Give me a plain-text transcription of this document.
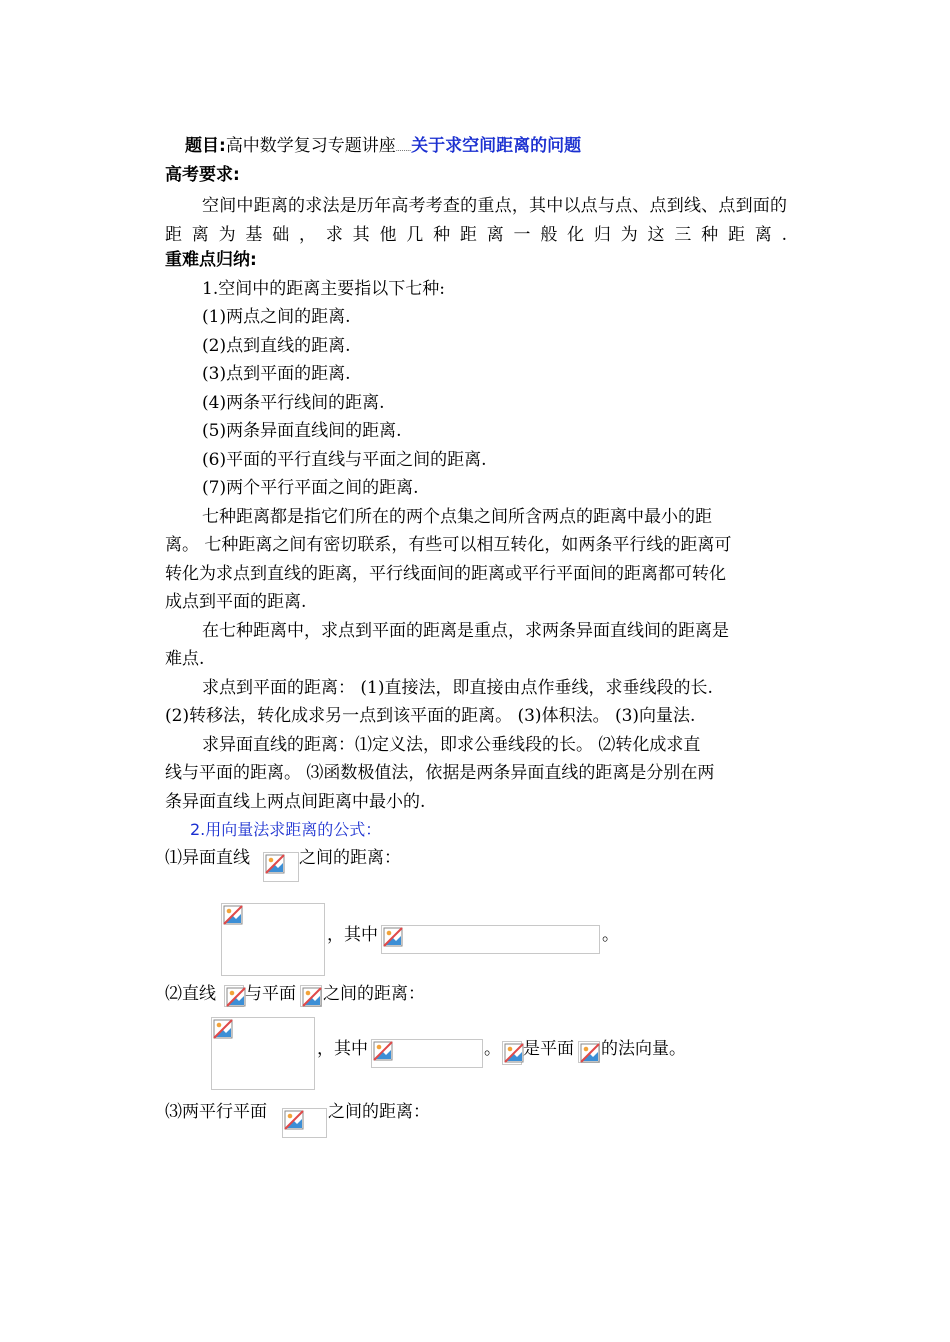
题目:高中数学复习专题讲座........关于求空间距离的问题
高考要求:
空间中距离的求法是历年高考考查的重点，其中以点与点、点到线、点到面的距离为基础，求其他几种距离一般化归为这三种距离.
重难点归纳:
1.空间中的距离主要指以下七种:
(1)两点之间的距离.
(2)点到直线的距离.
(3)点到平面的距离.
(4)两条平行线间的距离.
(5)两条异面直线间的距离.
(6)平面的平行直线与平面之间的距离.
(7)两个平行平面之间的距离.
七种距离都是指它们所在的两个点集之间所含两点的距离中最小的距
离。 七种距离之间有密切联系，有些可以相互转化，如两条平行线的距离可
转化为求点到直线的距离，平行线面间的距离或平行平面间的距离都可转化
成点到平面的距离.
在七种距离中，求点到平面的距离是重点，求两条异面直线间的距离是
难点.
求点到平面的距离： (1)直接法，即直接由点作垂线，求垂线段的长.
(2)转移法，转化成求另一点到该平面的距离。 (3)体积法。 (3)向量法.
求异面直线的距离：⑴定义法，即求公垂线段的长。 ⑵转化成求直
线与平面的距离。 ⑶函数极值法，依据是两条异面直线的距离是分别在两
条异面直线上两点间距离中最小的.
2.用向量法求距离的公式：
⑴异面直线	之间的距离：
，其中	。
⑵直线 与平面 之间的距离：
，其中	。 是平面 的法向量。
⑶两平行平面	之间的距离：
